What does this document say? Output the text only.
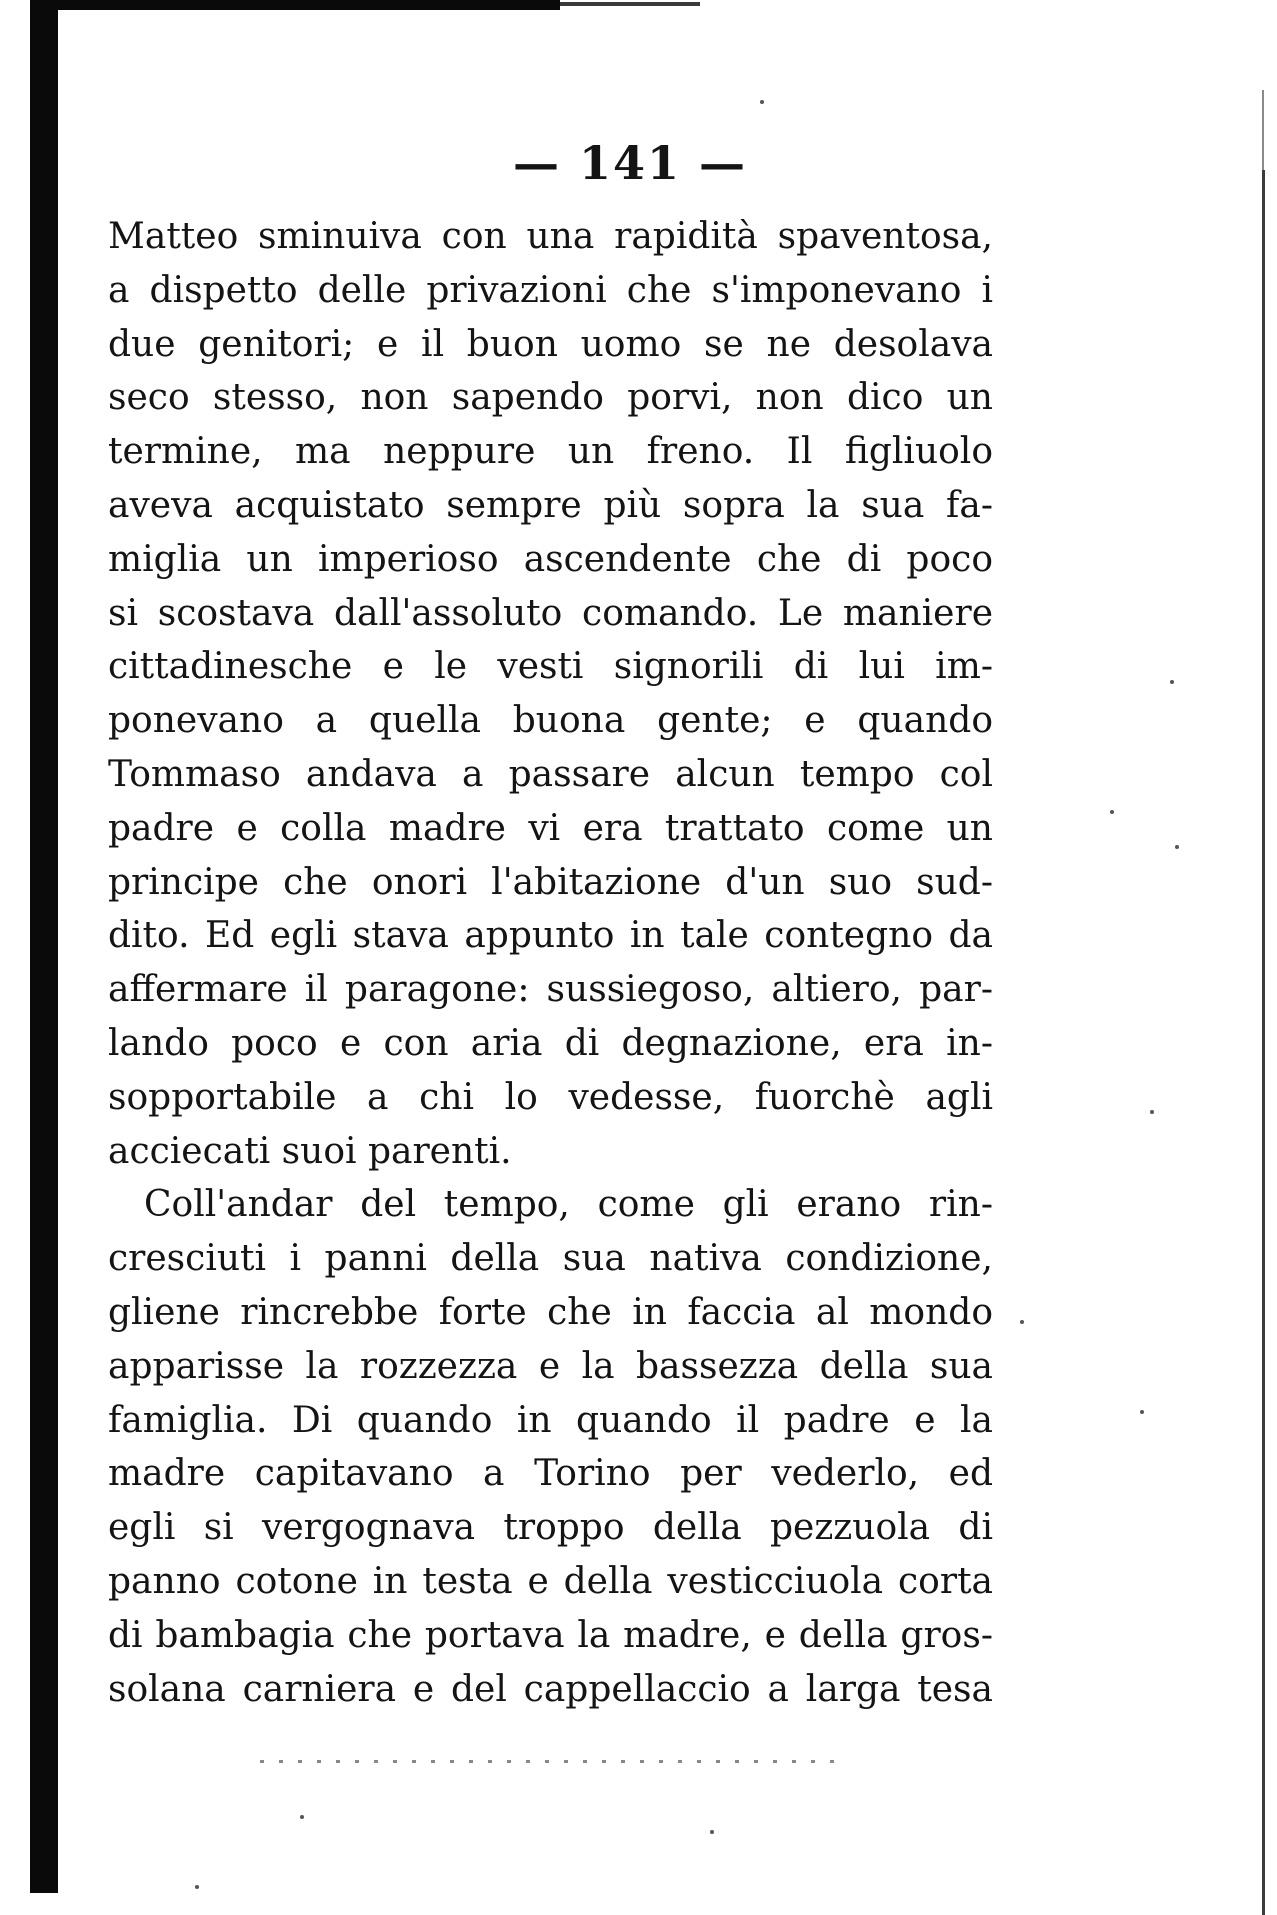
— 141 —
Matteo sminuiva con una rapidità spaventosa,
a dispetto delle privazioni che s'imponevano i
due genitori; e il buon uomo se ne desolava
seco stesso, non sapendo porvi, non dico un
termine, ma neppure un freno. Il figliuolo
aveva acquistato sempre più sopra la sua fa-
miglia un imperioso ascendente che di poco
si scostava dall'assoluto comando. Le maniere
cittadinesche e le vesti signorili di lui im-
ponevano a quella buona gente; e quando
Tommaso andava a passare alcun tempo col
padre e colla madre vi era trattato come un
principe che onori l'abitazione d'un suo sud-
dito. Ed egli stava appunto in tale contegno da
affermare il paragone: sussiegoso, altiero, par-
lando poco e con aria di degnazione, era in-
sopportabile a chi lo vedesse, fuorchè agli
acciecati suoi parenti.
Coll'andar del tempo, come gli erano rin-
cresciuti i panni della sua nativa condizione,
gliene rincrebbe forte che in faccia al mondo
apparisse la rozzezza e la bassezza della sua
famiglia. Di quando in quando il padre e la
madre capitavano a Torino per vederlo, ed
egli si vergognava troppo della pezzuola di
panno cotone in testa e della vesticciuola corta
di bambagia che portava la madre, e della gros-
solana carniera e del cappellaccio a larga tesa
